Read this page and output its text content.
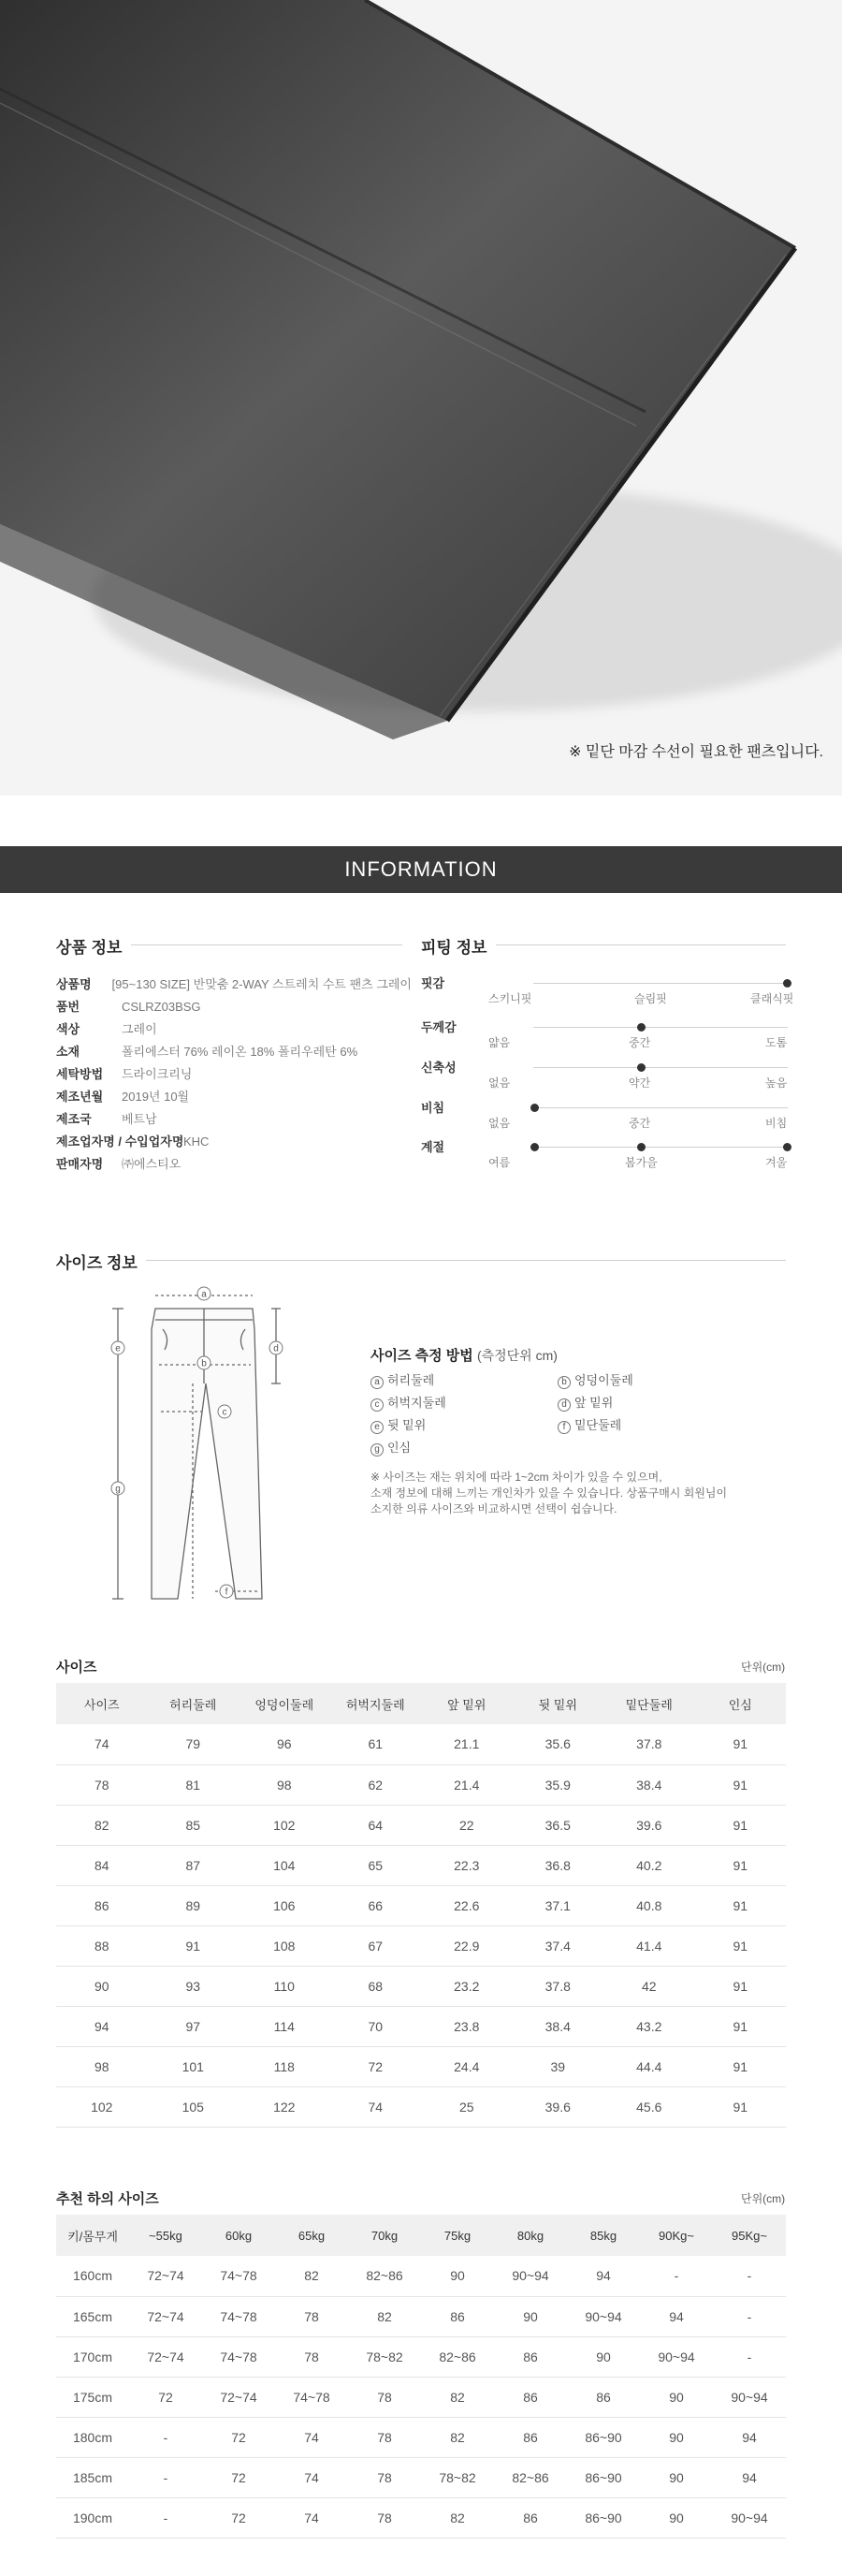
※ 밑단 마감 수선이 필요한 팬츠입니다.
INFORMATION
상품 정보
상품명	[95~130 SIZE] 반맞춤 2-WAY 스트레치 수트 팬츠 그레이
품번	CSLRZ03BSG
색상	그레이
소재	폴리에스터 76% 레이온 18% 폴리우레탄 6%
세탁방법	드라이크리닝
제조년월	2019년 10월
제조국	베트남
제조업자명 / 수입업자명 KHC
판매자명	㈜에스티오
피팅 정보
핏감
스키니핏	슬림핏	클래식핏
두께감
얇음	중간	도톰
신축성
없음	약간	높음
비침
없음	중간	비침
계절
여름	봄가을	겨울
사이즈 정보
a
b
c
d
e
f
g
사이즈 측정 방법 (측정단위 cm)
a 허리둘레	b 엉덩이둘레
c 허벅지둘레	d 앞 밑위
e 뒷 밑위	f 밑단둘레
g 인심
※ 사이즈는 재는 위치에 따라 1~2cm 차이가 있을 수 있으며,
소재 정보에 대해 느끼는 개인차가 있을 수 있습니다. 상품구매시 회원님이
소지한 의류 사이즈와 비교하시면 선택이 쉽습니다.
사이즈	단위(cm)
사이즈	허리둘레	엉덩이둘레	허벅지둘레	앞 밑위	뒷 밑위	밑단둘레	인심
74	79	96	61	21.1	35.6	37.8	91
78	81	98	62	21.4	35.9	38.4	91
82	85	102	64	22	36.5	39.6	91
84	87	104	65	22.3	36.8	40.2	91
86	89	106	66	22.6	37.1	40.8	91
88	91	108	67	22.9	37.4	41.4	91
90	93	110	68	23.2	37.8	42	91
94	97	114	70	23.8	38.4	43.2	91
98	101	118	72	24.4	39	44.4	91
102	105	122	74	25	39.6	45.6	91
추천 하의 사이즈	단위(cm)
키/몸무게	~55kg	60kg	65kg	70kg	75kg	80kg	85kg	90Kg~	95Kg~
160cm	72~74	74~78	82	82~86	90	90~94	94	-	-
165cm	72~74	74~78	78	82	86	90	90~94	94	-
170cm	72~74	74~78	78	78~82	82~86	86	90	90~94	-
175cm	72	72~74	74~78	78	82	86	86	90	90~94
180cm	-	72	74	78	82	86	86~90	90	94
185cm	-	72	74	78	78~82	82~86	86~90	90	94
190cm	-	72	74	78	82	86	86~90	90	90~94
